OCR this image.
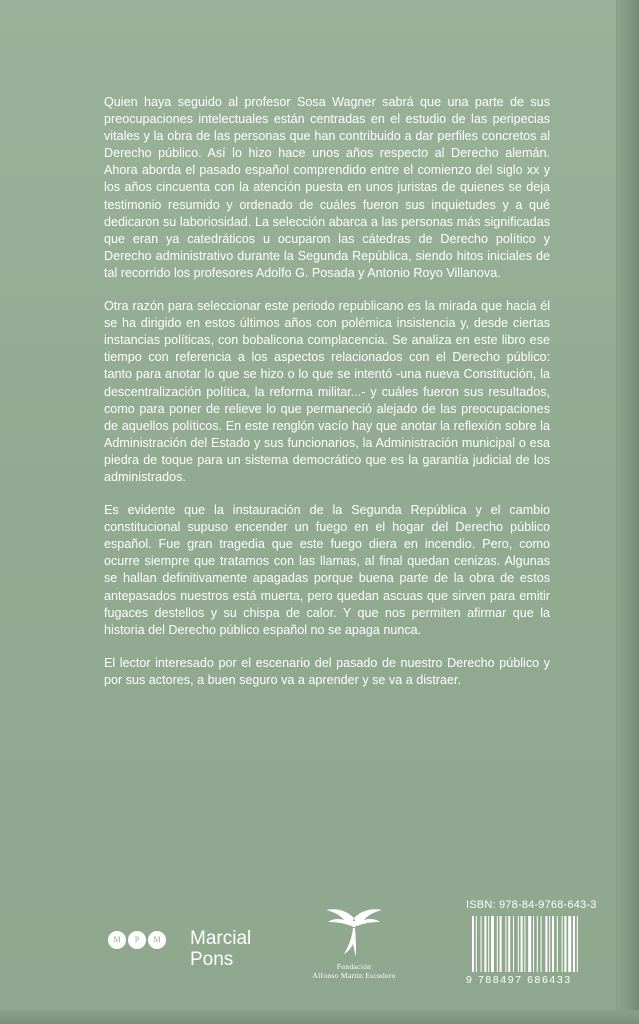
Quien haya seguido al profesor Sosa Wagner sabrá que una parte de sus preocupaciones intelectuales están centradas en el estudio de las peripecias vitales y la obra de las personas que han contribuido a dar perfiles concretos al Derecho público. Así lo hizo hace unos años respecto al Derecho alemán. Ahora aborda el pasado español comprendido entre el comienzo del siglo xx y los años cincuenta con la atención puesta en unos juristas de quienes se deja testimonio resumido y ordenado de cuáles fueron sus inquietudes y a qué dedicaron su laboriosidad. La selección abarca a las personas más significadas que eran ya catedráticos u ocuparon las cátedras de Derecho político y Derecho administrativo durante la Segunda República, siendo hitos iniciales de tal recorrido los profesores Adolfo G. Posada y Antonio Royo Villanova.

Otra razón para seleccionar este periodo republicano es la mirada que hacia él se ha dirigido en estos últimos años con polémica insistencia y, desde ciertas instancias políticas, con bobalicona complacencia. Se analiza en este libro ese tiempo con referencia a los aspectos relacionados con el Derecho público: tanto para anotar lo que se hizo o lo que se intentó -una nueva Constitución, la descentralización política, la reforma militar...- y cuáles fueron sus resultados, como para poner de relieve lo que permaneció alejado de las preocupaciones de aquellos políticos. En este renglón vacío hay que anotar la reflexión sobre la Administración del Estado y sus funcionarios, la Administración municipal o esa piedra de toque para un sistema democrático que es la garantía judicial de los administrados.

Es evidente que la instauración de la Segunda República y el cambio constitucional supuso encender un fuego en el hogar del Derecho público español. Fue gran tragedia que este fuego diera en incendio. Pero, como ocurre siempre que tratamos con las llamas, al final quedan cenizas. Algunas se hallan definitivamente apagadas porque buena parte de la obra de estos antepasados nuestros está muerta, pero quedan ascuas que sirven para emitir fugaces destellos y su chispa de calor. Y que nos permiten afirmar que la historia del Derecho público español no se apaga nunca.

El lector interesado por el escenario del pasado de nuestro Derecho público y por sus actores, a buen seguro va a aprender y se va a distraer.

M	P	M Marcial
Pons	Fundación
Alfonso Martín Escudero
ISBN: 978-84-9768-643-3
9 788497 686433
